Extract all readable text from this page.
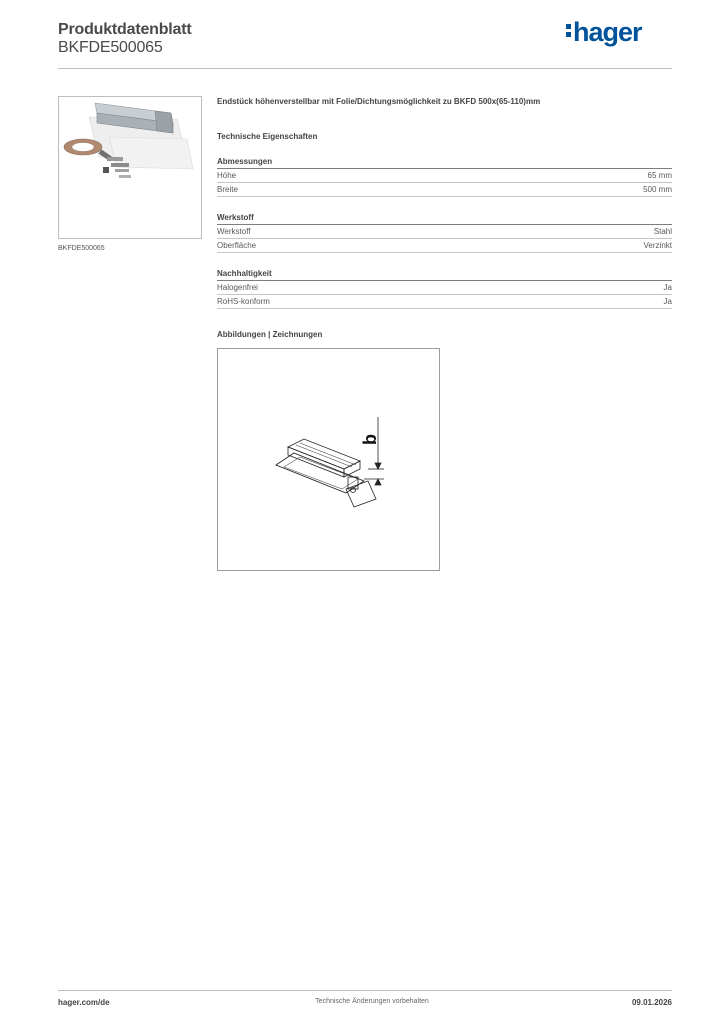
Produktdatenblatt
BKFDE500065
hager
BKFDE500065

Endstück höhenverstellbar mit Folie/Dichtungsmöglichkeit zu BKFD 500x(65-110)mm

Technische Eigenschaften
Abmessungen
Höhe	65 mm
Breite	500 mm
Werkstoff
Werkstoff	Stahl
Oberfläche	Verzinkt
Nachhaltigkeit
Halogenfrei	Ja
RoHS-konform	Ja
Abbildungen | Zeichnungen
b
hager.com/de	Technische Änderungen vorbehalten	09.01.2026
